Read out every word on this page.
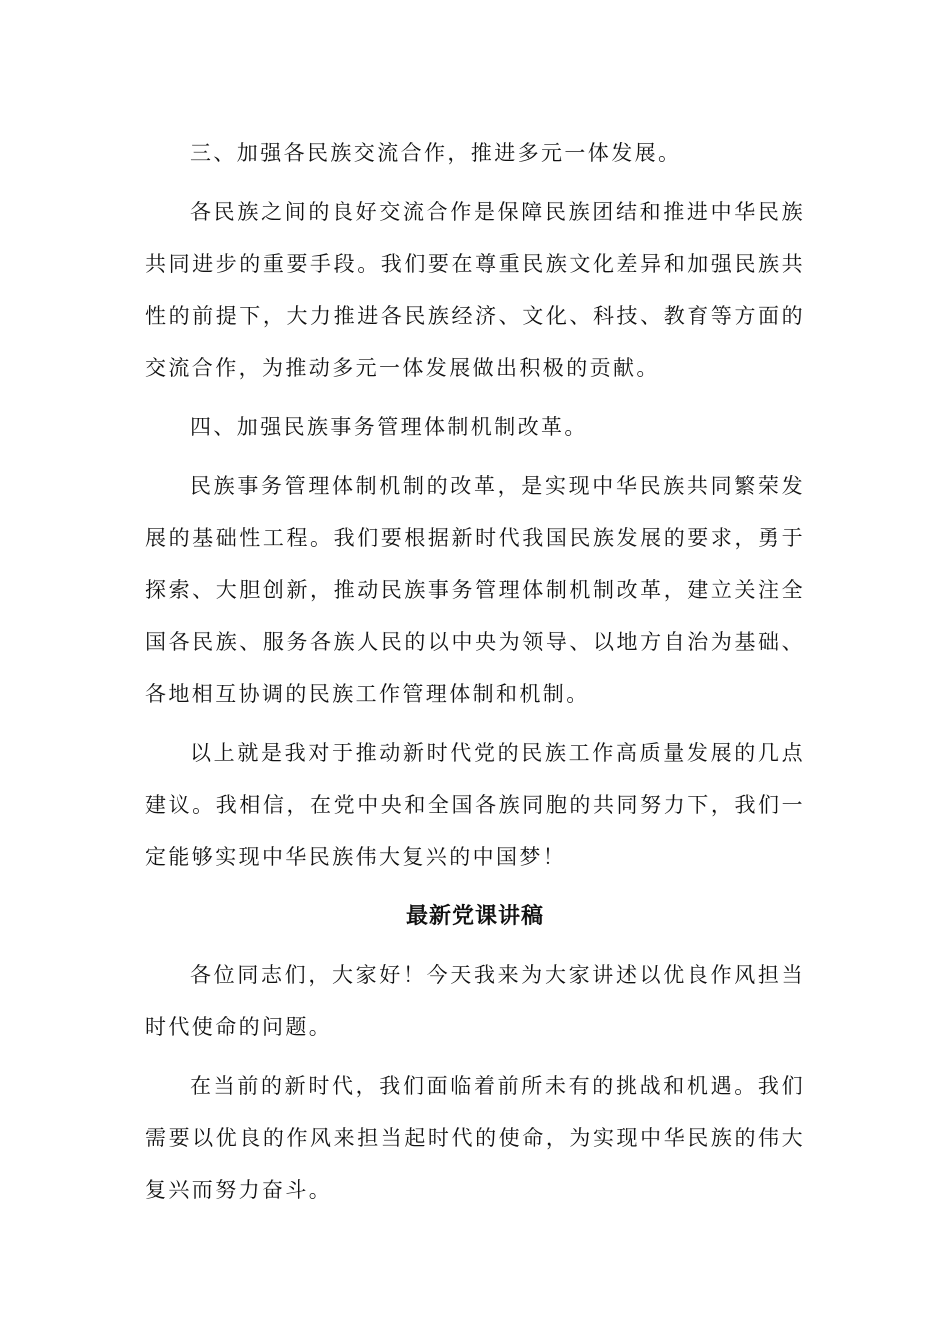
三、加强各民族交流合作，推进多元一体发展。

各民族之间的良好交流合作是保障民族团结和推进中华民族共同进步的重要手段。我们要在尊重民族文化差异和加强民族共性的前提下，大力推进各民族经济、文化、科技、教育等方面的交流合作，为推动多元一体发展做出积极的贡献。

四、加强民族事务管理体制机制改革。

民族事务管理体制机制的改革，是实现中华民族共同繁荣发展的基础性工程。我们要根据新时代我国民族发展的要求，勇于探索、大胆创新，推动民族事务管理体制机制改革，建立关注全国各民族、服务各族人民的以中央为领导、以地方自治为基础、各地相互协调的民族工作管理体制和机制。

以上就是我对于推动新时代党的民族工作高质量发展的几点建议。我相信，在党中央和全国各族同胞的共同努力下，我们一定能够实现中华民族伟大复兴的中国梦！

最新党课讲稿

各位同志们，大家好！今天我来为大家讲述以优良作风担当时代使命的问题。

在当前的新时代，我们面临着前所未有的挑战和机遇。我们需要以优良的作风来担当起时代的使命，为实现中华民族的伟大复兴而努力奋斗。
